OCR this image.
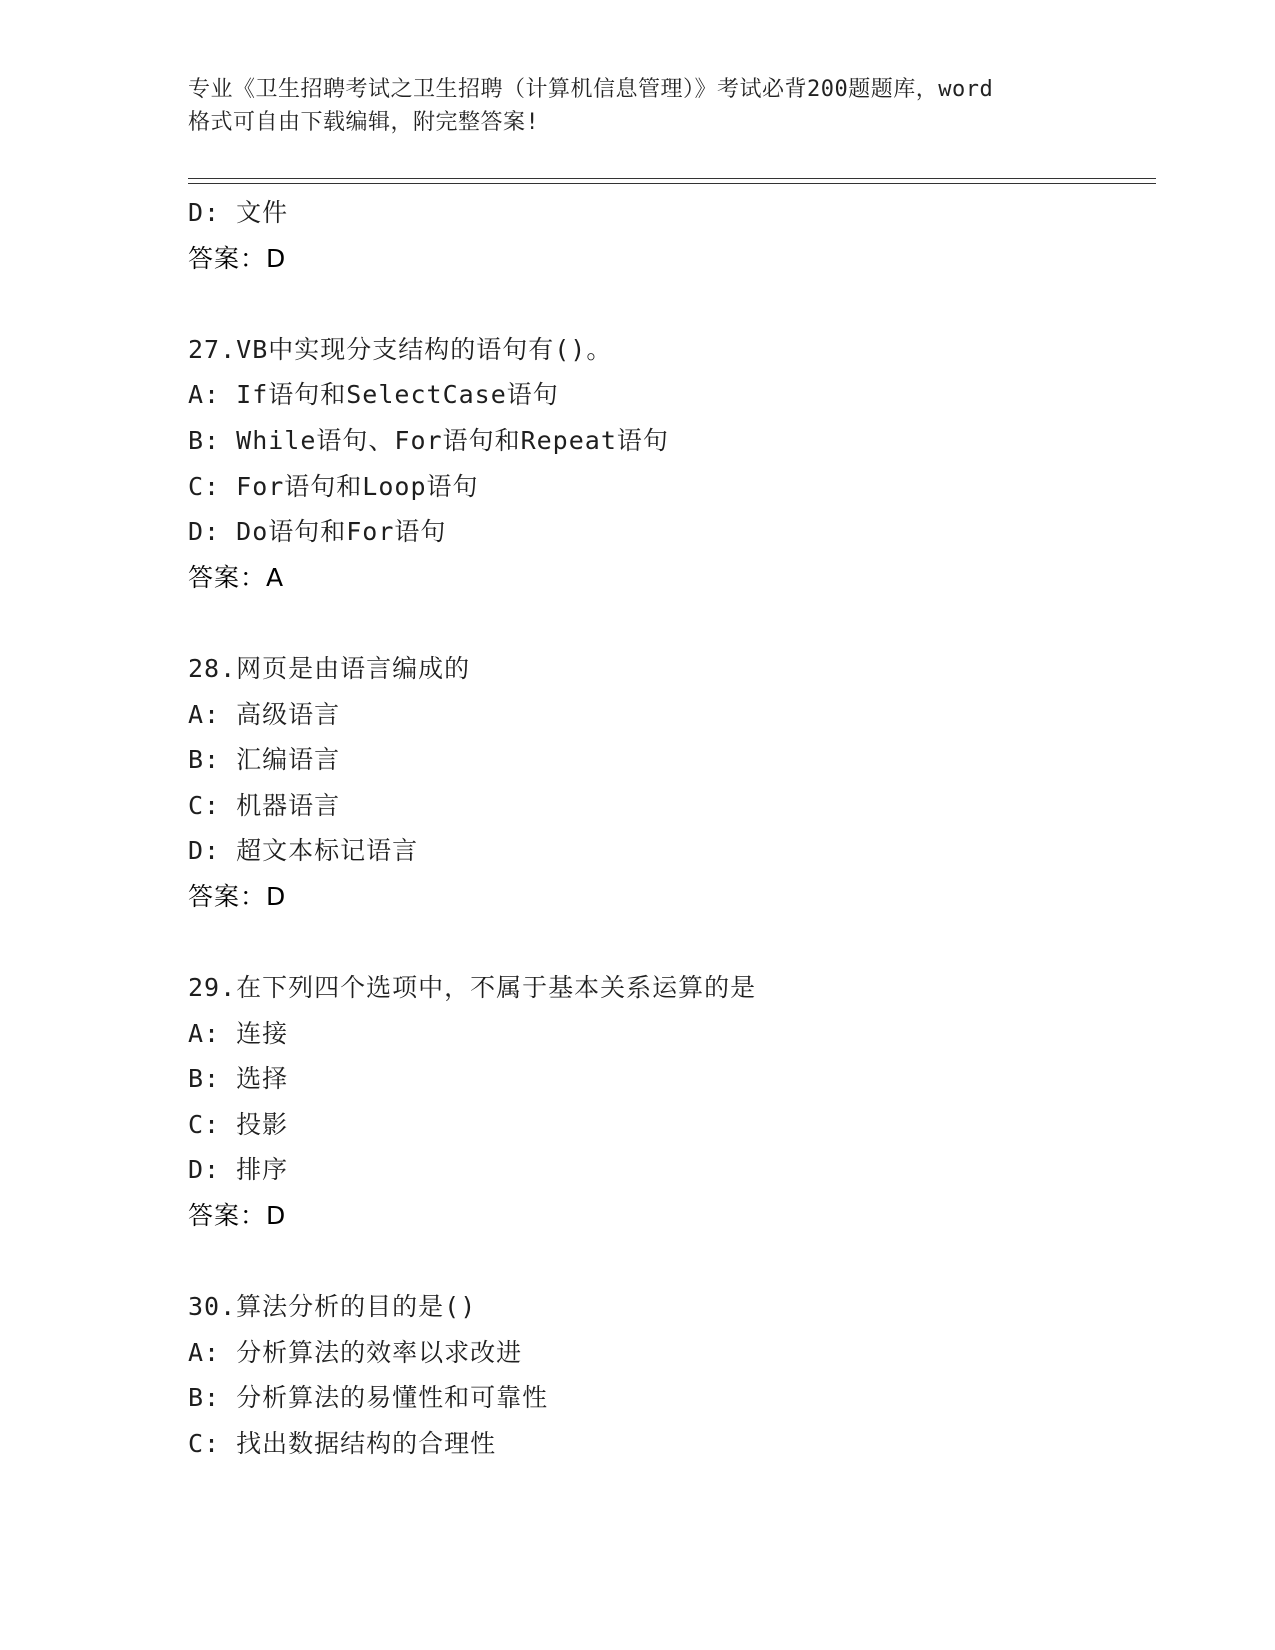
专业《卫生招聘考试之卫生招聘（计算机信息管理）》考试必背200题题库，word
格式可自由下载编辑，附完整答案!
D: 文件
答案：D
27.VB中实现分支结构的语句有()。
A: If语句和SelectCase语句
B: While语句、For语句和Repeat语句
C: For语句和Loop语句
D: Do语句和For语句
答案：A
28.网页是由语言编成的
A: 高级语言
B: 汇编语言
C: 机器语言
D: 超文本标记语言
答案：D
29.在下列四个选项中，不属于基本关系运算的是
A: 连接
B: 选择
C: 投影
D: 排序
答案：D
30.算法分析的目的是()
A: 分析算法的效率以求改进
B: 分析算法的易懂性和可靠性
C: 找出数据结构的合理性
